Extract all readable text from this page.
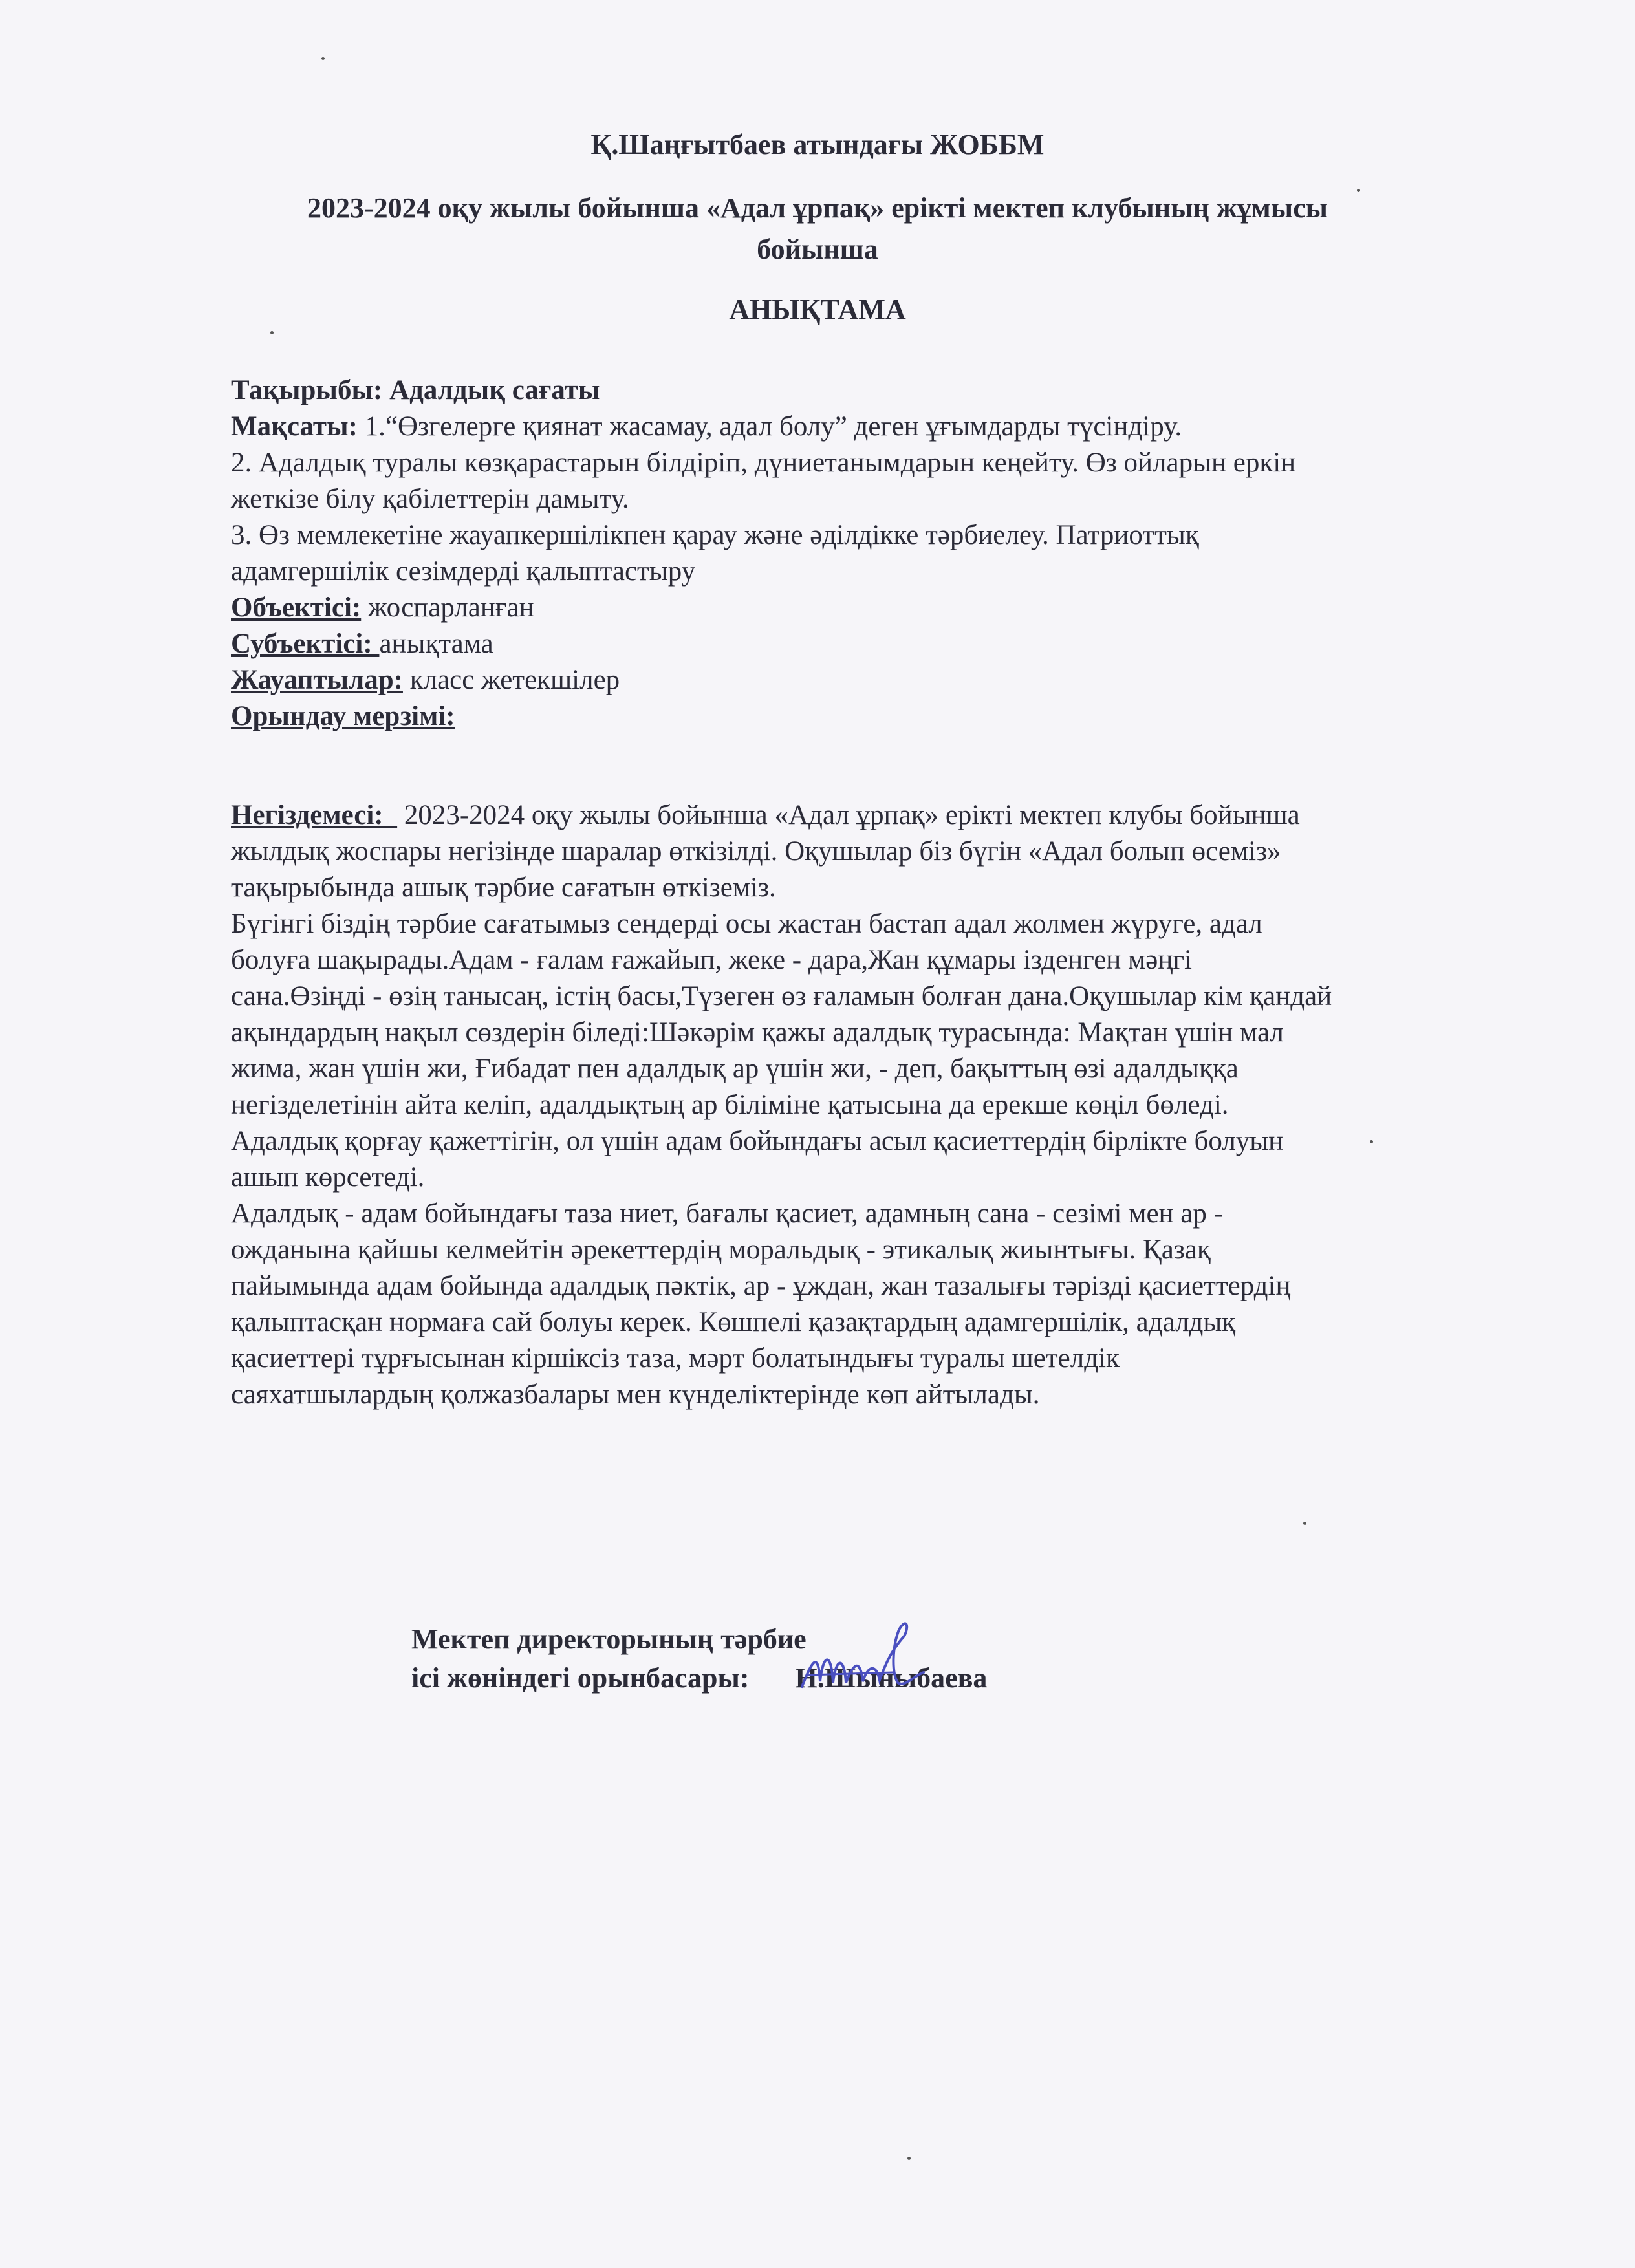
Қ.Шаңғытбаев атындағы ЖОББМ
2023-2024 оқу жылы бойынша «Адал ұрпақ» ерікті мектеп клубының жұмысы
бойынша
АНЫҚТАМА
Тақырыбы: Адалдық сағаты
Мақсаты: 1.“Өзгелерге қиянат жасамау, адал болу” деген ұғымдарды түсіндіру.
2. Адалдық туралы көзқарастарын білдіріп, дүниетанымдарын кеңейту. Өз ойларын еркін
жеткізе білу қабілеттерін дамыту.
3. Өз мемлекетіне жауапкершілікпен қарау және әділдікке тәрбиелеу. Патриоттық
адамгершілік сезімдерді қалыптастыру
Объектісі: жоспарланған
Субъектісі: анықтама
Жауаптылар: класс жетекшілер
Орындау мерзімі:
Негіздемесі:   2023-2024 оқу жылы бойынша «Адал ұрпақ» ерікті мектеп клубы бойынша
жылдық жоспары негізінде шаралар өткізілді. Оқушылар біз бүгін «Адал болып өсеміз»
тақырыбында ашық тәрбие сағатын өткіземіз.
Бүгінгі біздің тәрбие сағатымыз сендерді осы жастан бастап адал жолмен жүруге, адал
болуға шақырады.Адам - ғалам ғажайып, жеке - дара,Жан құмары ізденген мәңгі
сана.Өзіңді - өзің танысаң, істің басы,Түзеген өз ғаламын болған дана.Оқушылар кім қандай
ақындардың нақыл сөздерін біледі:Шәкәрім қажы адалдық турасында: Мақтан үшін мал
жима, жан үшін жи, Ғибадат пен адалдық ар үшін жи, - деп, бақыттың өзі адалдыққа
негізделетінін айта келіп, адалдықтың ар біліміне қатысына да ерекше көңіл бөледі.
Адалдық қорғау қажеттігін, ол үшін адам бойындағы асыл қасиеттердің бірлікте болуын
ашып көрсетеді.
Адалдық - адам бойындағы таза ниет, бағалы қасиет, адамның сана - сезімі мен ар -
ожданына қайшы келмейтін әрекеттердің моральдық - этикалық жиынтығы. Қазақ
пайымында адам бойында адалдық пәктік, ар - ұждан, жан тазалығы тәрізді қасиеттердің
қалыптасқан нормаға сай болуы керек. Көшпелі қазақтардың адамгершілік, адалдық
қасиеттері тұрғысынан кіршіксіз таза, мәрт болатындығы туралы шетелдік
саяхатшылардың қолжазбалары мен күнделіктерінде көп айтылады.
Мектеп директорының тәрбие
ісі жөніндегі орынбасары: Н.Шыныбаева
